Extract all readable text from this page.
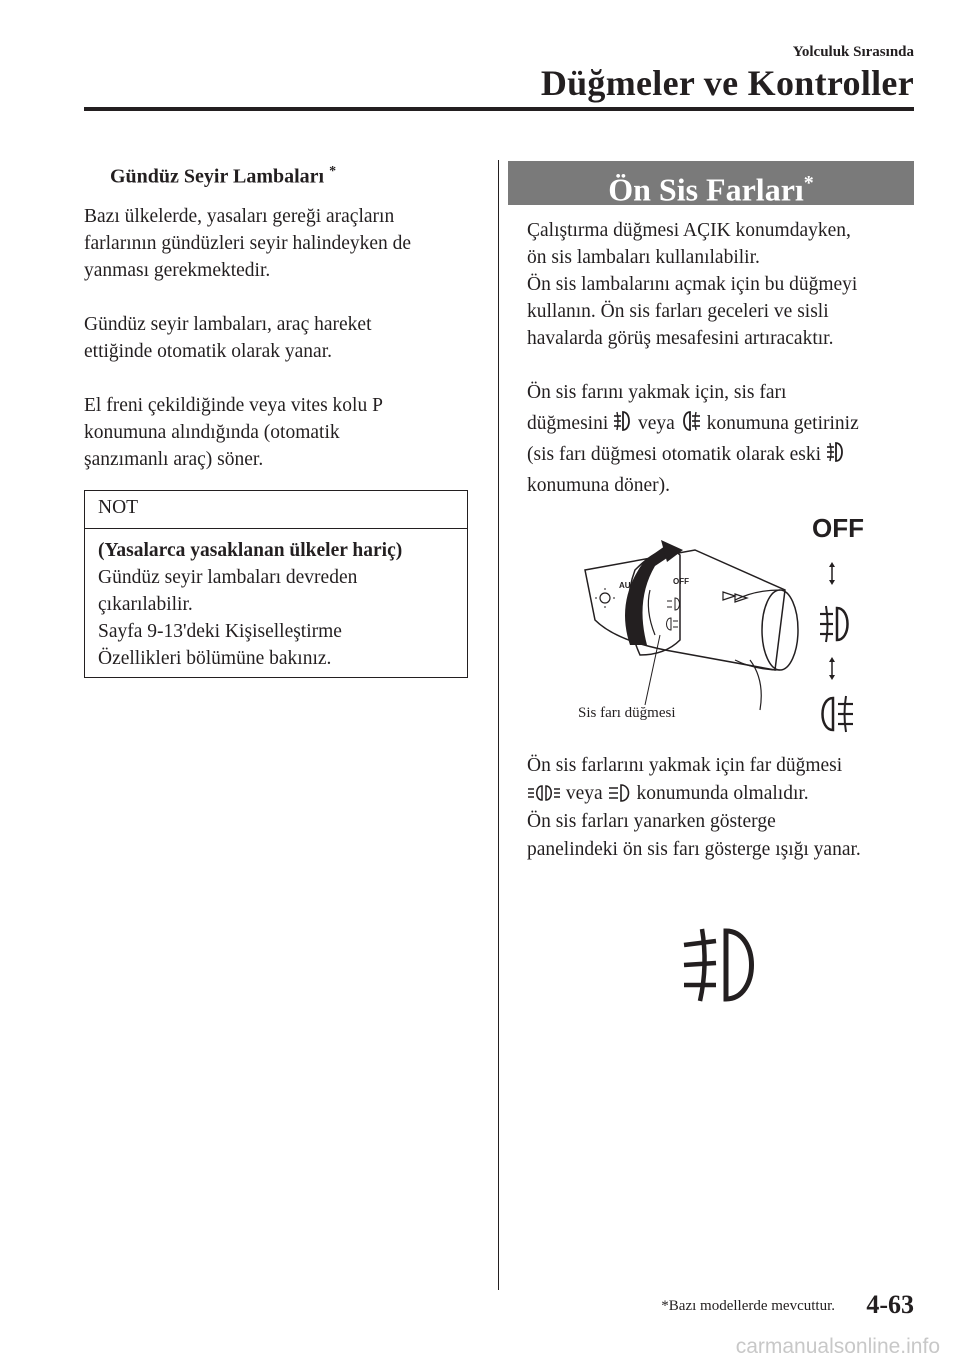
Yolculuk Sırasında
Düğmeler ve Kontroller
Gündüz Seyir Lambaları *
Bazı ülkelerde, yasaları gereği araçların
farlarının gündüzleri seyir halindeyken de
yanması gerekmektedir.
Gündüz seyir lambaları, araç hareket
ettiğinde otomatik olarak yanar.
El freni çekildiğinde veya vites kolu P
konumuna alındığında (otomatik
şanzımanlı araç) söner.
NOT
(Yasalarca yasaklanan ülkeler hariç)
Gündüz seyir lambaları devreden
çıkarılabilir.
Sayfa 9-13'deki Kişiselleştirme
Özellikleri bölümüne bakınız.
Ön Sis Farları*
Çalıştırma düğmesi AÇIK konumdayken,
ön sis lambaları kullanılabilir.
Ön sis lambalarını açmak için bu düğmeyi
kullanın. Ön sis farları geceleri ve sisli
havalarda görüş mesafesini artıracaktır.
Ön sis farını yakmak için, sis farı
düğmesini veya konumuna getiriniz
(sis farı düğmesi otomatik olarak eski
konumuna döner).
OFF
AU	OFF
Sis farı düğmesi
Ön sis farlarını yakmak için far düğmesi
veya konumunda olmalıdır.
Ön sis farları yanarken gösterge
panelindeki ön sis farı gösterge ışığı yanar.
*Bazı modellerde mevcuttur. 4-63
carmanualsonline.info
